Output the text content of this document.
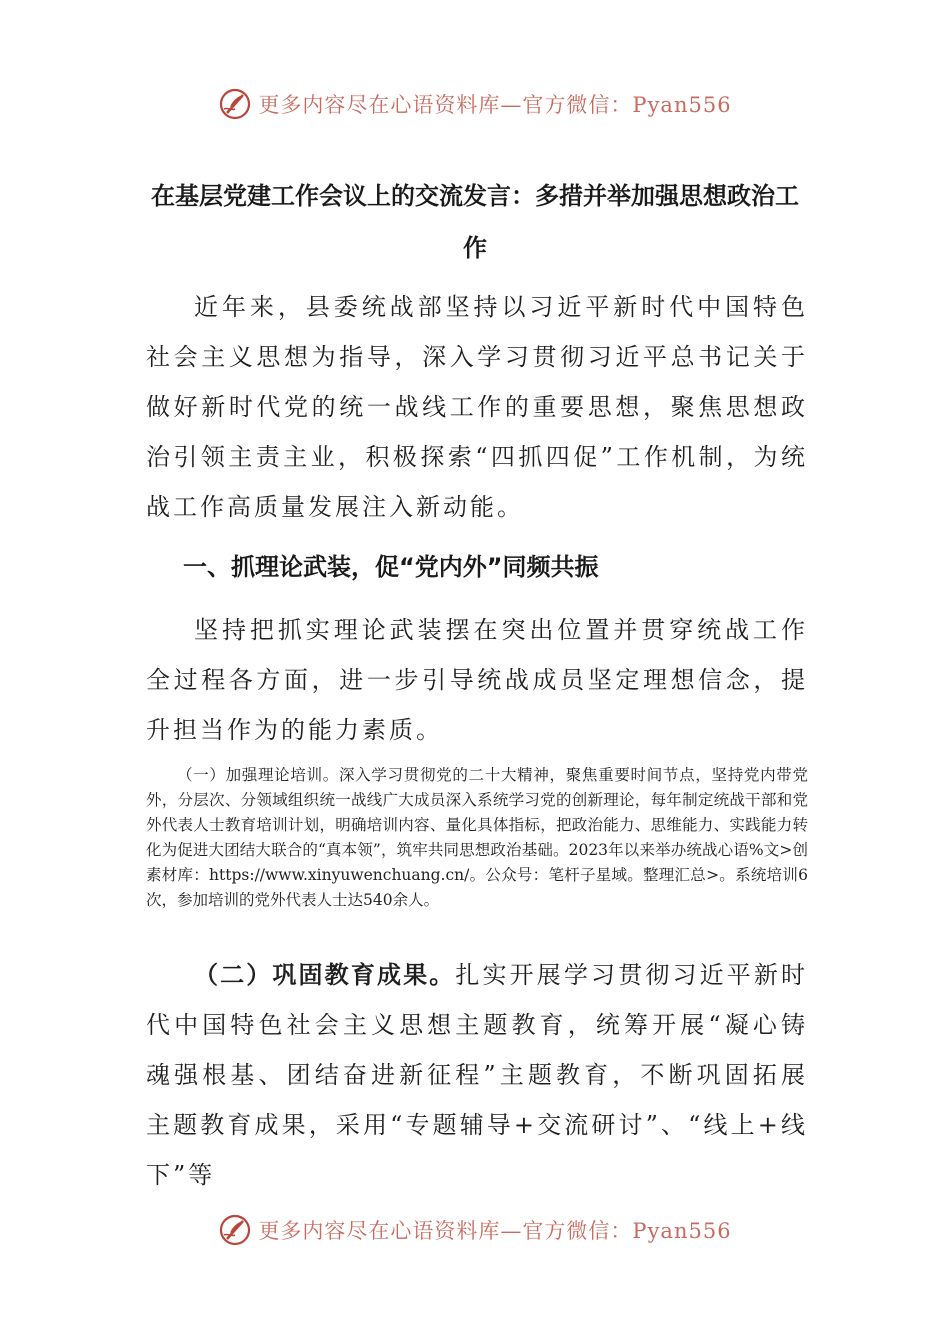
更多内容尽在心语资料库—官方微信：Pyan556
在基层党建工作会议上的交流发言：多措并举加强思想政治工作

近年来，县委统战部坚持以习近平新时代中国特色社会主义思想为指导，深入学习贯彻习近平总书记关于做好新时代党的统一战线工作的重要思想，聚焦思想政治引领主责主业，积极探索“四抓四促”工作机制，为统战工作高质量发展注入新动能。

一、抓理论武装，促“党内外”同频共振

坚持把抓实理论武装摆在突出位置并贯穿统战工作全过程各方面，进一步引导统战成员坚定理想信念，提升担当作为的能力素质。

（一）加强理论培训。深入学习贯彻党的二十大精神，聚焦重要时间节点，坚持党内带党外，分层次、分领域组织统一战线广大成员深入系统学习党的创新理论，每年制定统战干部和党外代表人士教育培训计划，明确培训内容、量化具体指标，把政治能力、思维能力、实践能力转化为促进大团结大联合的“真本领”，筑牢共同思想政治基础。2023年以来举办统战心语%文>创素材库：https://www.xinyuwenchuang.cn/。公众号：笔杆子星域。整理汇总>。系统培训6次，参加培训的党外代表人士达540余人。

（二）巩固教育成果。扎实开展学习贯彻习近平新时代中国特色社会主义思想主题教育，统筹开展“凝心铸魂强根基、团结奋进新征程”主题教育，不断巩固拓展主题教育成果，采用“专题辅导+交流研讨”、“线上+线下”等

更多内容尽在心语资料库—官方微信：Pyan556
